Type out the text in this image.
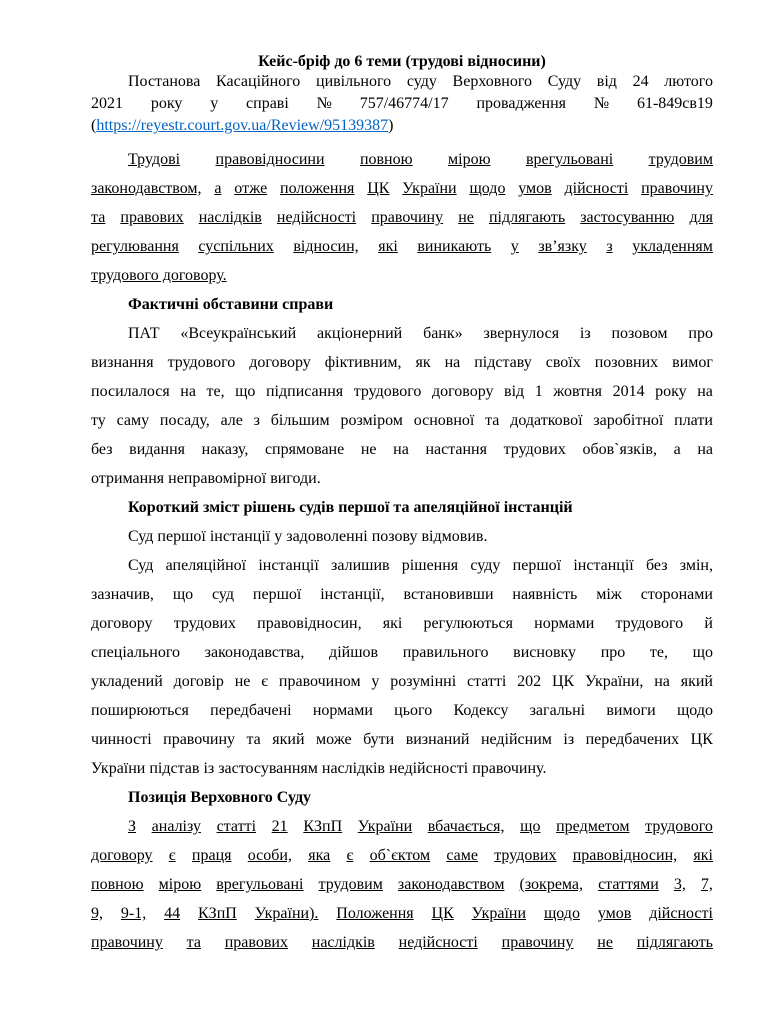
Кейс-бріф до 6 теми (трудові відносини)
Постанова Касаційного цивільного суду Верховного Суду від 24 лютого
2021 року у справі № 757/46774/17 провадження № 61-849св19
( https://reyestr.court.gov.ua/Review/95139387 )
Трудові правовідносини повною мірою врегульовані трудовим
законодавством, а отже положення ЦК України щодо умов дійсності правочину
та правових наслідків недійсності правочину не підлягають застосуванню для
регулювання суспільних відносин, які виникають у зв’язку з укладенням
трудового договору.
Фактичні обставини справи
ПАТ «Всеукраїнський акціонерний банк» звернулося із позовом про
визнання трудового договору фіктивним, як на підставу своїх позовних вимог
посилалося на те, що підписання трудового договору від 1 жовтня 2014 року на
ту саму посаду, але з більшим розміром основної та додаткової заробітної плати
без видання наказу, спрямоване не на настання трудових обов`язків, а на
отримання неправомірної вигоди.
Короткий зміст рішень судів першої та апеляційної інстанцій
Суд першої інстанції у задоволенні позову відмовив.
Суд апеляційної інстанції залишив рішення суду першої інстанції без змін,
зазначив, що суд першої інстанції, встановивши наявність між сторонами
договору трудових правовідносин, які регулюються нормами трудового й
спеціального законодавства, дійшов правильного висновку про те, що
укладений договір не є правочином у розумінні статті 202 ЦК України, на який
поширюються передбачені нормами цього Кодексу загальні вимоги щодо
чинності правочину та який може бути визнаний недійсним із передбачених ЦК
України підстав із застосуванням наслідків недійсності правочину.
Позиція Верховного Суду
З аналізу статті 21 КЗпП України вбачається, що предметом трудового
договору є праця особи, яка є об`єктом саме трудових правовідносин, які
повною мірою врегульовані трудовим законодавством (зокрема, статтями 3, 7,
9, 9-1, 44 КЗпП України). Положення ЦК України щодо умов дійсності
правочину та правових наслідків недійсності правочину не підлягають
